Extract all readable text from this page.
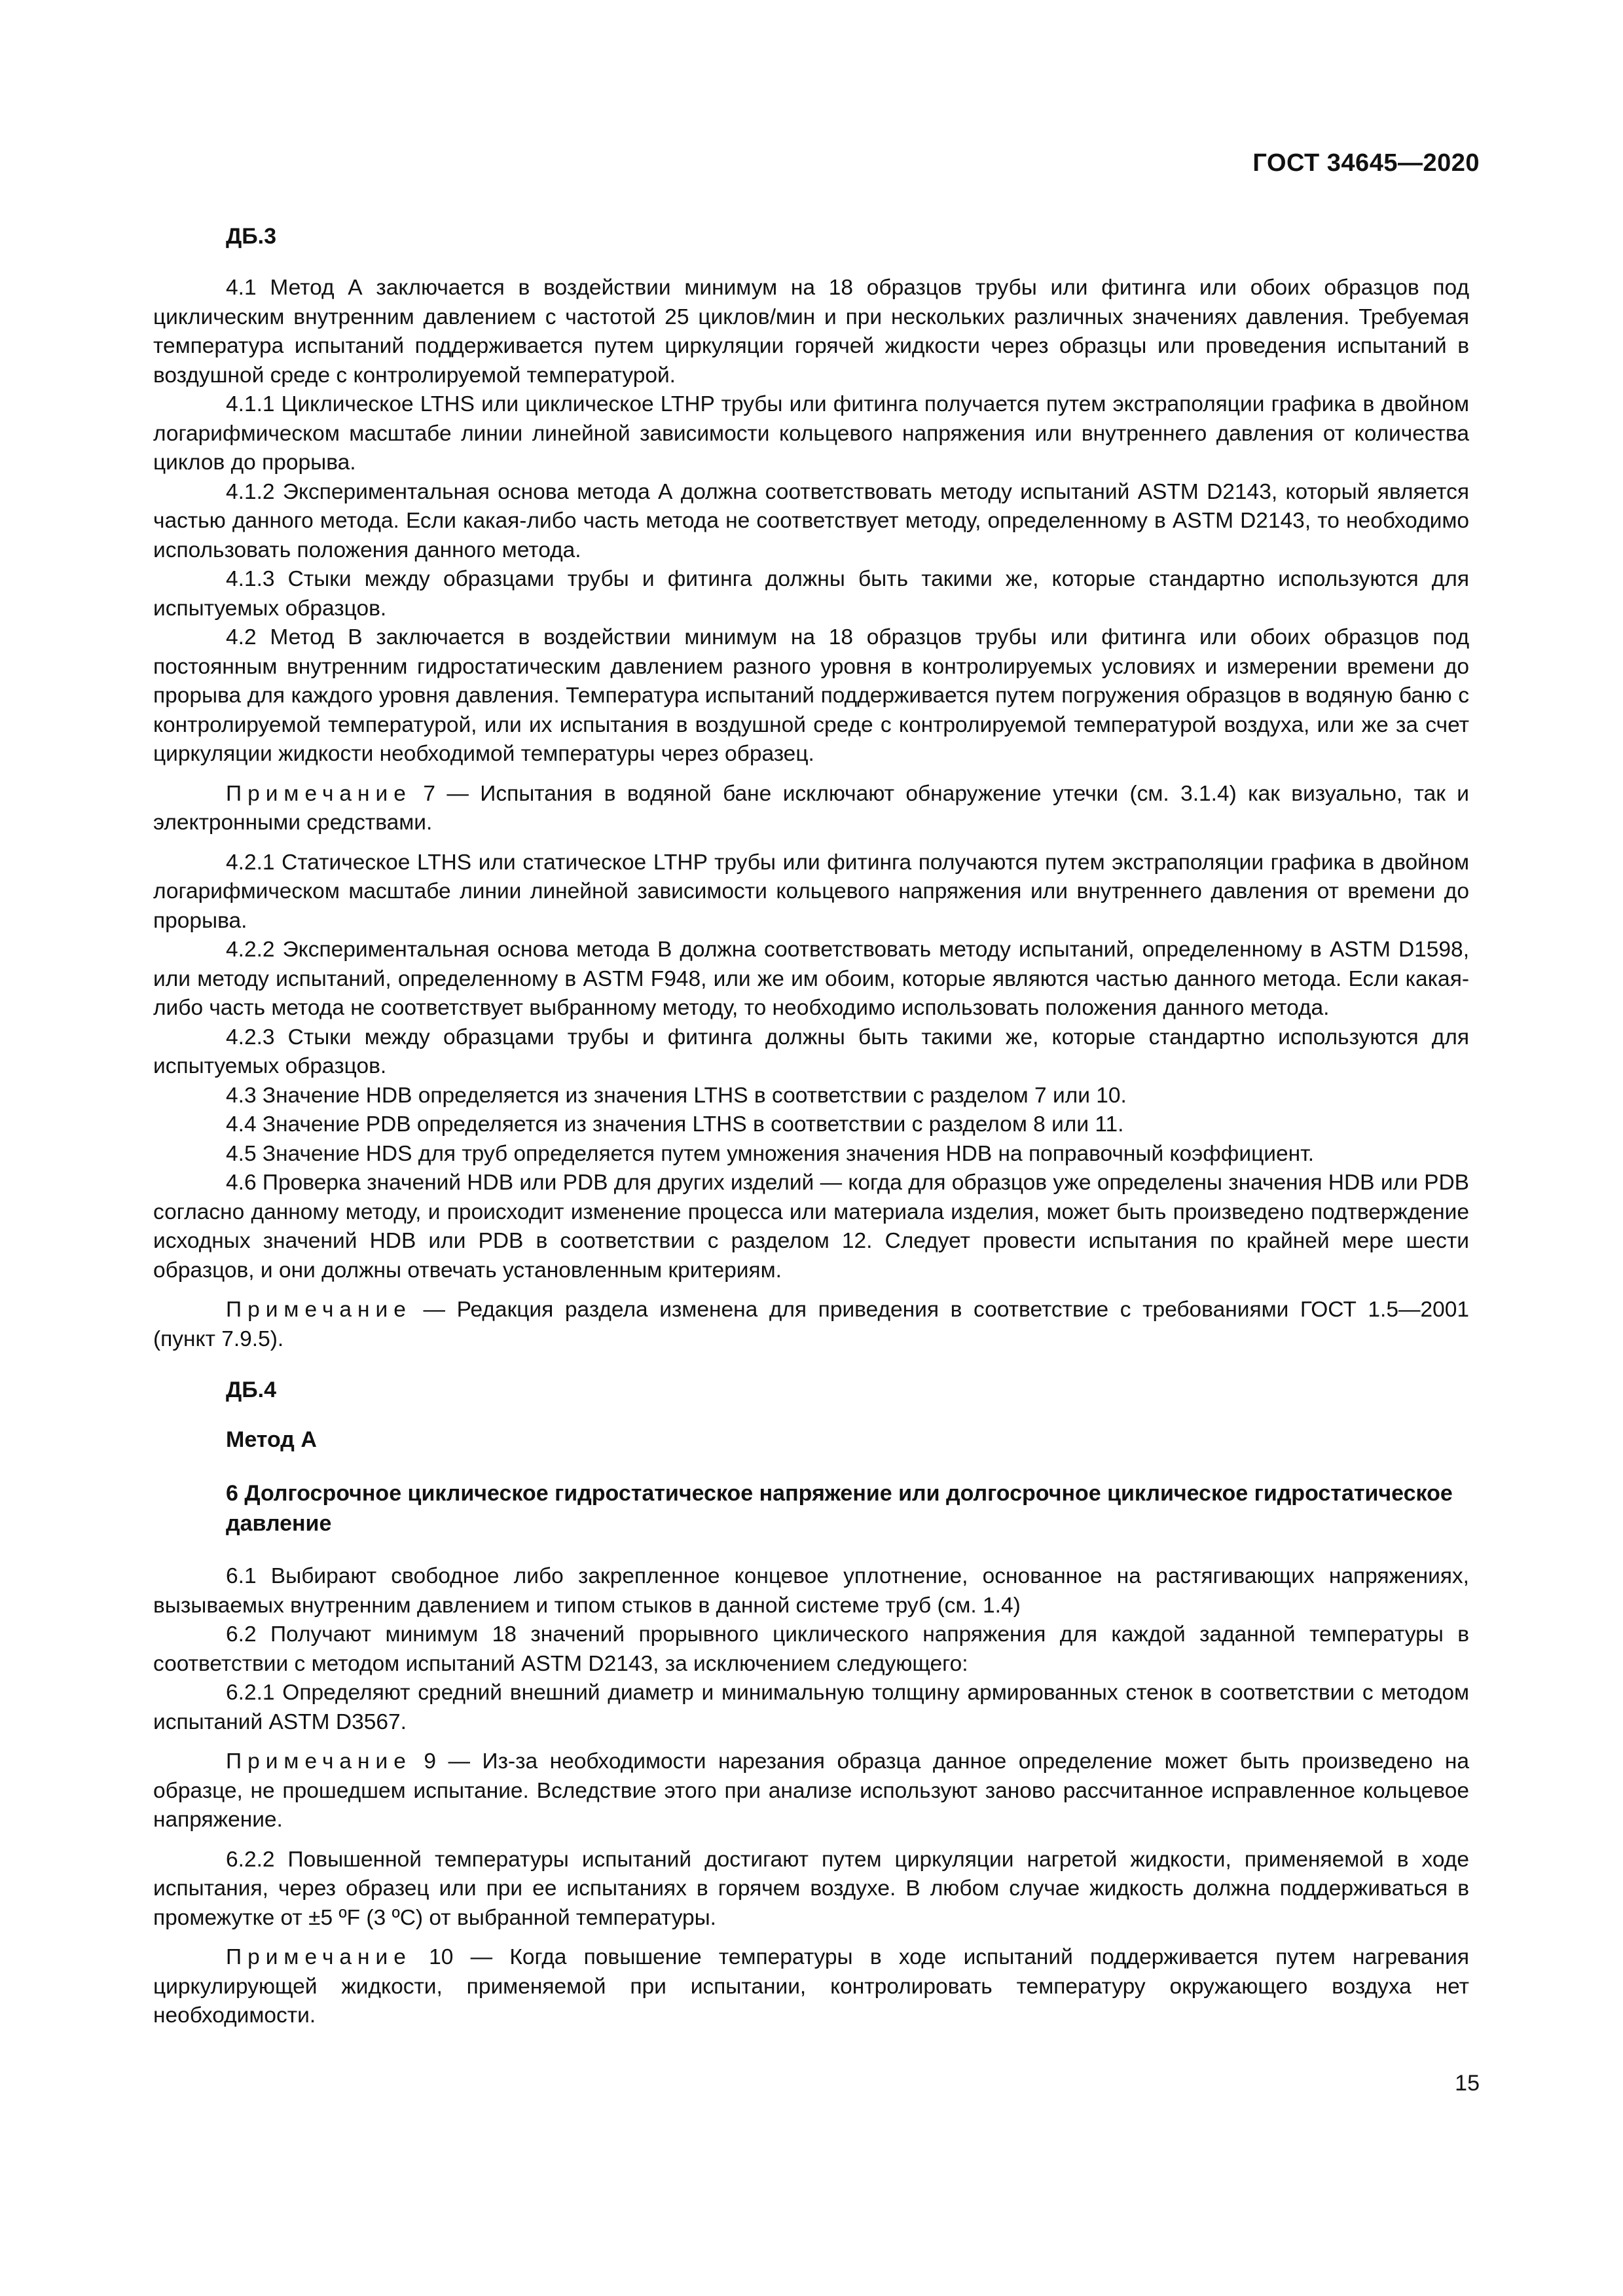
ГОСТ 34645—2020
ДБ.3

4.1 Метод А заключается в воздействии минимум на 18 образцов трубы или фитинга или обоих образцов под циклическим внутренним давлением с частотой 25 циклов/мин и при нескольких различных значениях давления. Требуемая температура испытаний поддерживается путем циркуляции горячей жидкости через образцы или проведения испытаний в воздушной среде с контролируемой температурой.

4.1.1 Циклическое LTHS или циклическое LTHP трубы или фитинга получается путем экстраполяции графика в двойном логарифмическом масштабе линии линейной зависимости кольцевого напряжения или внутреннего давления от количества циклов до прорыва.

4.1.2 Экспериментальная основа метода А должна соответствовать методу испытаний ASTM D2143, который является частью данного метода. Если какая-либо часть метода не соответствует методу, определенному в ASTM D2143, то необходимо использовать положения данного метода.

4.1.3 Стыки между образцами трубы и фитинга должны быть такими же, которые стандартно используются для испытуемых образцов.

4.2 Метод В заключается в воздействии минимум на 18 образцов трубы или фитинга или обоих образцов под постоянным внутренним гидростатическим давлением разного уровня в контролируемых условиях и измерении времени до прорыва для каждого уровня давления. Температура испытаний поддерживается путем погружения образцов в водяную баню с контролируемой температурой, или их испытания в воздушной среде с контролируемой температурой воздуха, или же за счет циркуляции жидкости необходимой температуры через образец.

Примечание 7 — Испытания в водяной бане исключают обнаружение утечки (см. 3.1.4) как визуально, так и электронными средствами.

4.2.1 Статическое LTHS или статическое LTHP трубы или фитинга получаются путем экстраполяции графика в двойном логарифмическом масштабе линии линейной зависимости кольцевого напряжения или внутреннего давления от времени до прорыва.

4.2.2 Экспериментальная основа метода В должна соответствовать методу испытаний, определенному в ASTM D1598, или методу испытаний, определенному в ASTM F948, или же им обоим, которые являются частью данного метода. Если какая-либо часть метода не соответствует выбранному методу, то необходимо использовать положения данного метода.

4.2.3 Стыки между образцами трубы и фитинга должны быть такими же, которые стандартно используются для испытуемых образцов.

4.3 Значение HDB определяется из значения LTHS в соответствии с разделом 7 или 10.

4.4 Значение PDB определяется из значения LTHS в соответствии с разделом 8 или 11.

4.5 Значение HDS для труб определяется путем умножения значения HDB на поправочный коэффициент.

4.6 Проверка значений HDB или PDB для других изделий — когда для образцов уже определены значения HDB или PDB согласно данному методу, и происходит изменение процесса или материала изделия, может быть произведено подтверждение исходных значений HDB или PDB в соответствии с разделом 12. Следует провести испытания по крайней мере шести образцов, и они должны отвечать установленным критериям.

Примечание — Редакция раздела изменена для приведения в соответствие с требованиями ГОСТ 1.5—2001 (пункт 7.9.5).

ДБ.4
Метод А
6 Долгосрочное циклическое гидростатическое напряжение или долгосрочное циклическое гидростатическое давление

6.1 Выбирают свободное либо закрепленное концевое уплотнение, основанное на растягивающих напряжениях, вызываемых внутренним давлением и типом стыков в данной системе труб (см. 1.4)

6.2 Получают минимум 18 значений прорывного циклического напряжения для каждой заданной температуры в соответствии с методом испытаний ASTM D2143, за исключением следующего:

6.2.1 Определяют средний внешний диаметр и минимальную толщину армированных стенок в соответствии с методом испытаний ASTM D3567.

Примечание 9 — Из-за необходимости нарезания образца данное определение может быть произведено на образце, не прошедшем испытание. Вследствие этого при анализе используют заново рассчитанное исправленное кольцевое напряжение.

6.2.2 Повышенной температуры испытаний достигают путем циркуляции нагретой жидкости, применяемой в ходе испытания, через образец или при ее испытаниях в горячем воздухе. В любом случае жидкость должна поддерживаться в промежутке от ±5 ºF (3 ºC) от выбранной температуры.

Примечание 10 — Когда повышение температуры в ходе испытаний поддерживается путем нагревания циркулирующей жидкости, применяемой при испытании, контролировать температуру окружающего воздуха нет необходимости.

15
